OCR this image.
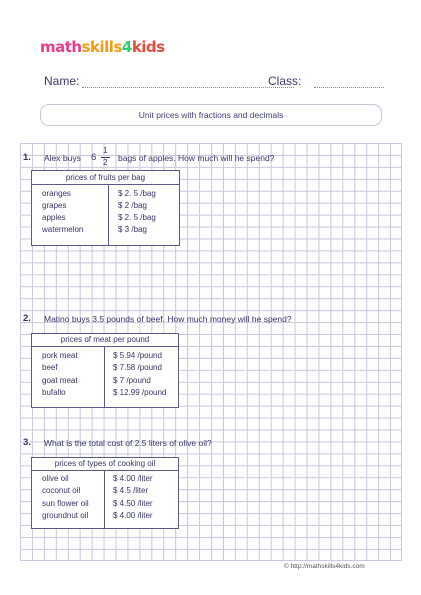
mathskills4kids
Name:	Class:
Unit prices with fractions and decimals
1. Alex buys 6
1
2 bags of apples. How much will he spend?
prices of fruits per bag
oranges	$ 2. 5 /bag
grapes	$ 2 /bag
apples	$ 2. 5 /bag
watermelon	$ 3 /bag
2. Matino buys 3.5 pounds of beef. How much money will he spend?
prices of meat per pound
pork meat	$ 5.94 /pound
beef	$ 7.58 /pound
goat meat	$ 7 /pound
bufallo	$ 12.99 /pound
3. What is the total cost of 2.5 liters of olive oil?
prices of types of cooking oil
olive oil	$ 4.00 /liter
coconut oil	$ 4.5 /liter
sun flower oil	$ 4.50 /liter
groundnut oil	$ 4.00 /liter
© http://mathskills4kids.com
